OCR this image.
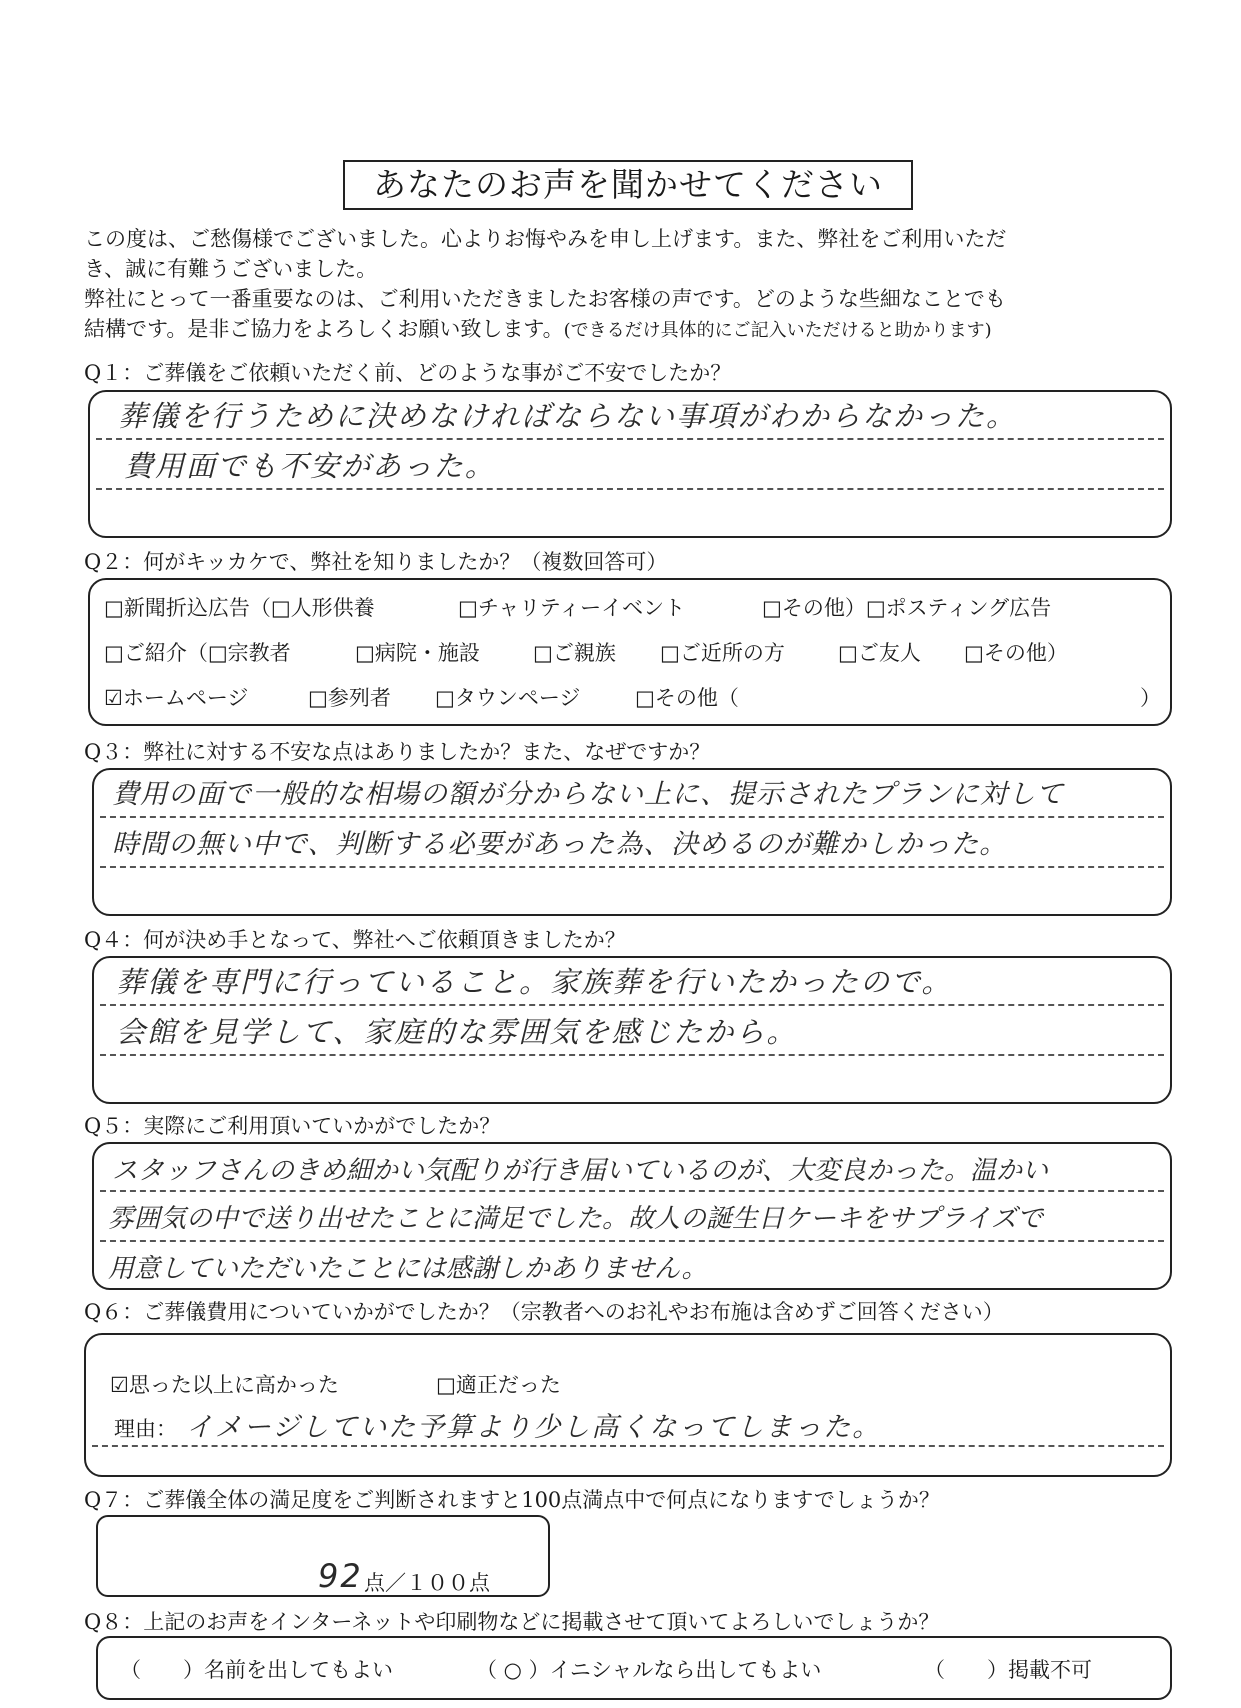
あなたのお声を聞かせてください

この度は、ご愁傷様でございました。心よりお悔やみを申し上げます。また、弊社をご利用いただ

き、誠に有難うございました。

弊社にとって一番重要なのは、ご利用いただきましたお客様の声です。どのような些細なことでも

結構です。是非ご協力をよろしくお願い致します。(できるだけ具体的にご記入いただけると助かります)

Q１：ご葬儀をご依頼いただく前、どのような事がご不安でしたか？
葬儀を行うために決めなければならない事項がわからなかった。
費用面でも不安があった。
Q２：何がキッカケで、弊社を知りましたか？（複数回答可）
□新聞折込広告（□人形供養	□チャリティーイベント	□その他）□ポスティング広告
□ご紹介（□宗教者	□病院・施設	□ご親族 □ご近所の方	□ご友人 □その他）
☑ホームページ	□参列者 □タウンページ	□その他（	）
Q３：弊社に対する不安な点はありましたか？また、なぜですか？
費用の面で一般的な相場の額が分からない上に、提示されたプランに対して
時間の無い中で、判断する必要があった為、決めるのが難かしかった。
Q４：何が決め手となって、弊社へご依頼頂きましたか？
葬儀を専門に行っていること。家族葬を行いたかったので。
会館を見学して、家庭的な雰囲気を感じたから。
Q５：実際にご利用頂いていかがでしたか？
スタッフさんのきめ細かい気配りが行き届いているのが、大変良かった。温かい
雰囲気の中で送り出せたことに満足でした。故人の誕生日ケーキをサプライズで
用意していただいたことには感謝しかありません。
Q６：ご葬儀費用についていかがでしたか？（宗教者へのお礼やお布施は含めずご回答ください）
☑思った以上に高かった	□適正だった
理由： イメージしていた予算より少し高くなってしまった。
Q７：ご葬儀全体の満足度をご判断されますと100点満点中で何点になりますでしょうか？
92 点／１００点
Q８：上記のお声をインターネットや印刷物などに掲載させて頂いてよろしいでしょうか？
（　　）名前を出してもよい	（ ○ ）イニシャルなら出してもよい	（　　）掲載不可
